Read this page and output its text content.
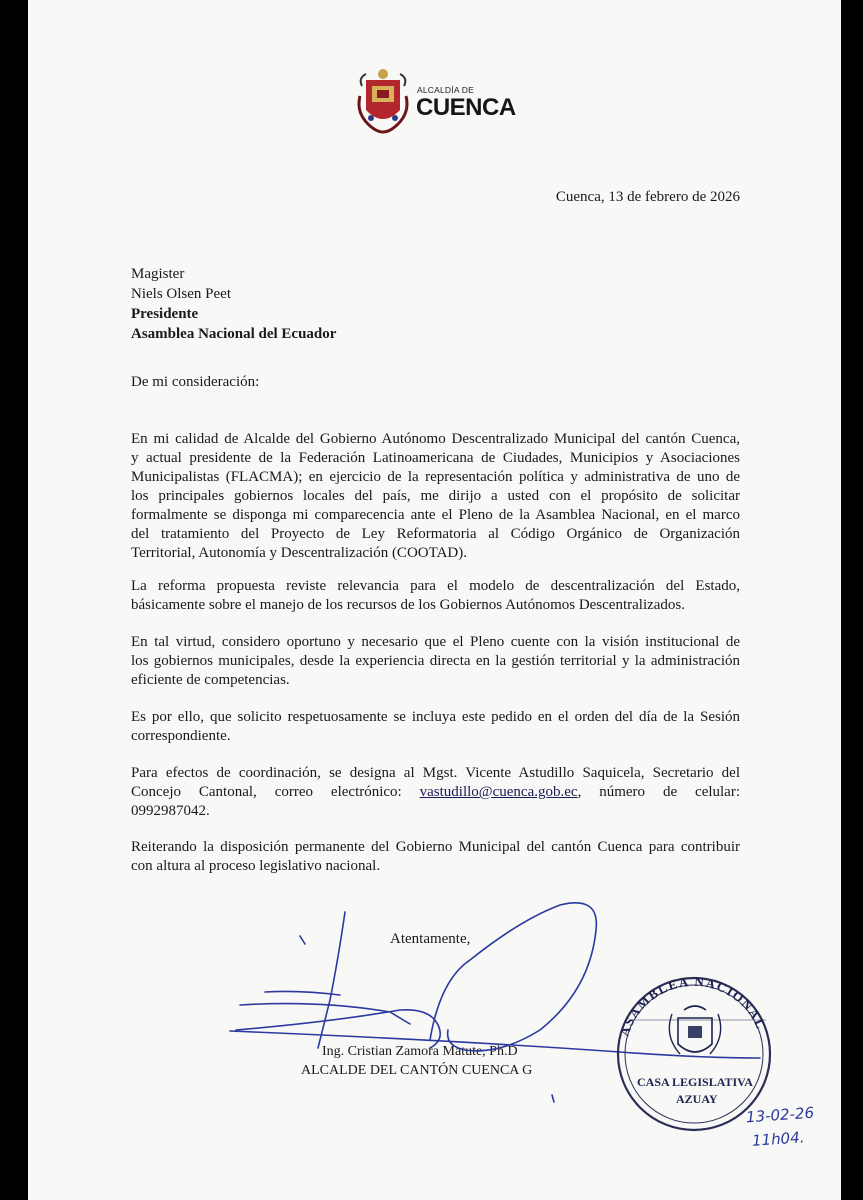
ALCALDÍA DE
CUENCA
Cuenca, 13 de febrero de 2026
Magister
Niels Olsen Peet
Presidente
Asamblea Nacional del Ecuador
De mi consideración:

En mi calidad de Alcalde del Gobierno Autónomo Descentralizado Municipal del cantón Cuenca,
y actual presidente de la Federación Latinoamericana de Ciudades, Municipios y Asociaciones
Municipalistas (FLACMA); en ejercicio de la representación política y administrativa de uno de
los principales gobiernos locales del país, me dirijo a usted con el propósito de solicitar
formalmente se disponga mi comparecencia ante el Pleno de la Asamblea Nacional, en el marco
del tratamiento del Proyecto de Ley Reformatoria al Código Orgánico de Organización
Territorial, Autonomía y Descentralización (COOTAD).

La reforma propuesta reviste relevancia para el modelo de descentralización del Estado,
básicamente sobre el manejo de los recursos de los Gobiernos Autónomos Descentralizados.

En tal virtud, considero oportuno y necesario que el Pleno cuente con la visión institucional de
los gobiernos municipales, desde la experiencia directa en la gestión territorial y la administración
eficiente de competencias.

Es por ello, que solicito respetuosamente se incluya este pedido en el orden del día de la Sesión
correspondiente.

Para efectos de coordinación, se designa al Mgst. Vicente Astudillo Saquicela, Secretario del
Concejo Cantonal, correo electrónico: vastudillo@cuenca.gob.ec, número de celular:
0992987042.

Reiterando la disposición permanente del Gobierno Municipal del cantón Cuenca para contribuir
con altura al proceso legislativo nacional.

Atentamente,
Ing. Cristian Zamora Matute, Ph.D
ALCALDE DEL CANTÓN CUENCA G
ASAMBLEA NACIONAL
CASA LEGISLATIVA
AZUAY
13-02-26
11h04.
